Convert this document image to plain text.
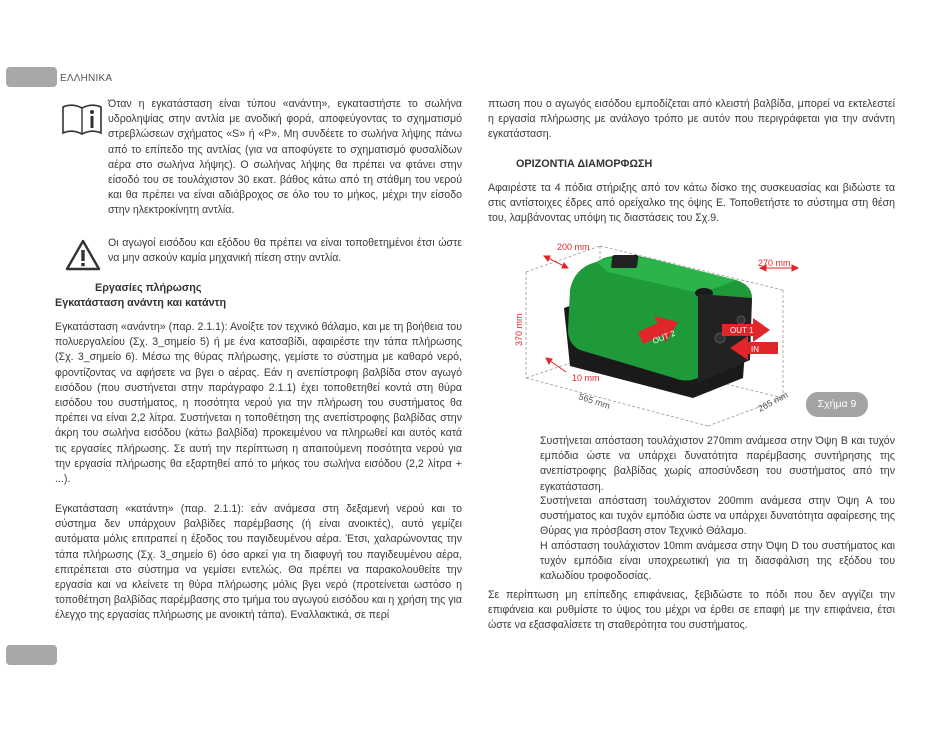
ΕΛΛΗΝΙΚΑ
Όταν η εγκατάσταση είναι τύπου «ανάντη», εγκαταστήστε το σωλήνα υδροληψίας στην αντλία με ανοδική φορά, αποφεύγοντας το σχηματισμό στρεβλώσεων σχήματος «S» ή «P». Μη συνδέετε το σωλήνα λήψης πάνω από το επίπεδο της αντλίας (για να αποφύγετε το σχηματισμό φυσαλίδων αέρα στο σωλήνα λήψης). Ο σωλήνας λήψης θα πρέπει να φτάνει στην είσοδό του σε τουλάχιστον 30 εκατ. βάθος κάτω από τη στάθμη του νερού και θα πρέπει να είναι αδιάβροχος σε όλο του το μήκος, μέχρι την είσοδο στην ηλεκτροκίνητη αντλία.
Οι αγωγοί εισόδου και εξόδου θα πρέπει να είναι τοποθετημένοι έτσι ώστε να μην ασκούν καμία μηχανική πίεση στην αντλία.
Εργασίες πλήρωσης
Εγκατάσταση ανάντη και κατάντη
Εγκατάσταση «ανάντη» (παρ. 2.1.1): Ανοίξτε τον τεχνικό θάλαμο, και με τη βοήθεια του πολυεργαλείου (Σχ. 3_σημείο 5) ή με ένα κατσαβίδι, αφαιρέστε την τάπα πλήρωσης (Σχ. 3_σημείο 6). Μέσω της θύρας πλήρωσης, γεμίστε το σύστημα με καθαρό νερό, φροντίζοντας να αφήσετε να βγει ο αέρας. Εάν η ανεπίστροφη βαλβίδα στον αγωγό εισόδου (που συστήνεται στην παράγραφο 2.1.1) έχει τοποθετηθεί κοντά στη θύρα εισόδου του συστήματος, η ποσότητα νερού για την πλήρωση του συστήματος θα πρέπει να είναι 2,2 λίτρα. Συστήνεται η τοποθέτηση της ανεπίστροφης βαλβίδας στην άκρη του σωλήνα εισόδου (κάτω βαλβίδα) προκειμένου να πληρωθεί και αυτός κατά τις εργασίες πλήρωσης. Σε αυτή την περίπτωση η απαιτούμενη ποσότητα νερού για την εργασία πλήρωσης θα εξαρτηθεί από το μήκος του σωλήνα εισόδου (2,2 λίτρα + ...).
Εγκατάσταση «κατάντη» (παρ. 2.1.1): εάν ανάμεσα στη δεξαμενή νερού και το σύστημα δεν υπάρχουν βαλβίδες παρέμβασης (ή είναι ανοικτές), αυτό γεμίζει αυτόματα μόλις επιτραπεί η έξοδος του παγιδευμένου αέρα. Έτσι, χαλαρώνοντας την τάπα πλήρωσης (Σχ. 3_σημείο 6) όσο αρκεί για τη διαφυγή του παγιδευμένου αέρα, επιτρέπεται στο σύστημα να γεμίσει εντελώς. Θα πρέπει να παρακολουθείτε την εργασία και να κλείνετε τη θύρα πλήρωσης μόλις βγει νερό (προτείνεται ωστόσο η τοποθέτηση βαλβίδας παρέμβασης στο τμήμα του αγωγού εισόδου και η χρήση της για έλεγχο της εργασίας πλήρωσης με ανοικτή τάπα). Εναλλακτικά, σε περί
πτωση που ο αγωγός εισόδου εμποδίζεται από κλειστή βαλβίδα, μπορεί να εκτελεστεί η εργασία πλήρωσης με ανάλογο τρόπο με αυτόν που περιγράφεται για την ανάντη εγκατάσταση.
ΟΡΙΖΟΝΤΙΑ ΔΙΑΜΟΡΦΩΣΗ
Αφαιρέστε τα 4 πόδια στήριξης από τον κάτω δίσκο της συσκευασίας και βιδώστε τα στις αντίστοιχες έδρες από ορείχαλκο της όψης Ε. Τοποθετήστε το σύστημα στη θέση του, λαμβάνοντας υπόψη τις διαστάσεις του Σχ.9.
200 mm
270 mm
370 mm
10 mm
565 mm	265 mm
OUT 2	OUT 1
IN
Σχήμα 9
Συστήνεται απόσταση τουλάχιστον 270mm ανάμεσα στην Όψη Β και τυχόν εμπόδια ώστε να υπάρχει δυνατότητα παρέμβασης συντήρησης της ανεπίστροφης βαλβίδας χωρίς αποσύνδεση του συστήματος από την εγκατάσταση.
Συστήνεται απόσταση τουλάχιστον 200mm ανάμεσα στην Όψη Α του συστήματος και τυχόν εμπόδια ώστε να υπάρχει δυνατότητα αφαίρεσης της Θύρας για πρόσβαση στον Τεχνικό Θάλαμο.
Η απόσταση τουλάχιστον 10mm ανάμεσα στην Όψη D του συστήματος και τυχόν εμπόδια είναι υποχρεωτική για τη διασφάλιση της εξόδου του καλωδίου τροφοδοσίας.
Σε περίπτωση μη επίπεδης επιφάνειας, ξεβιδώστε το πόδι που δεν αγγίζει την επιφάνεια και ρυθμίστε το ύψος του μέχρι να έρθει σε επαφή με την επιφάνεια, έτσι ώστε να εξασφαλίσετε τη σταθερότητα του συστήματος.
